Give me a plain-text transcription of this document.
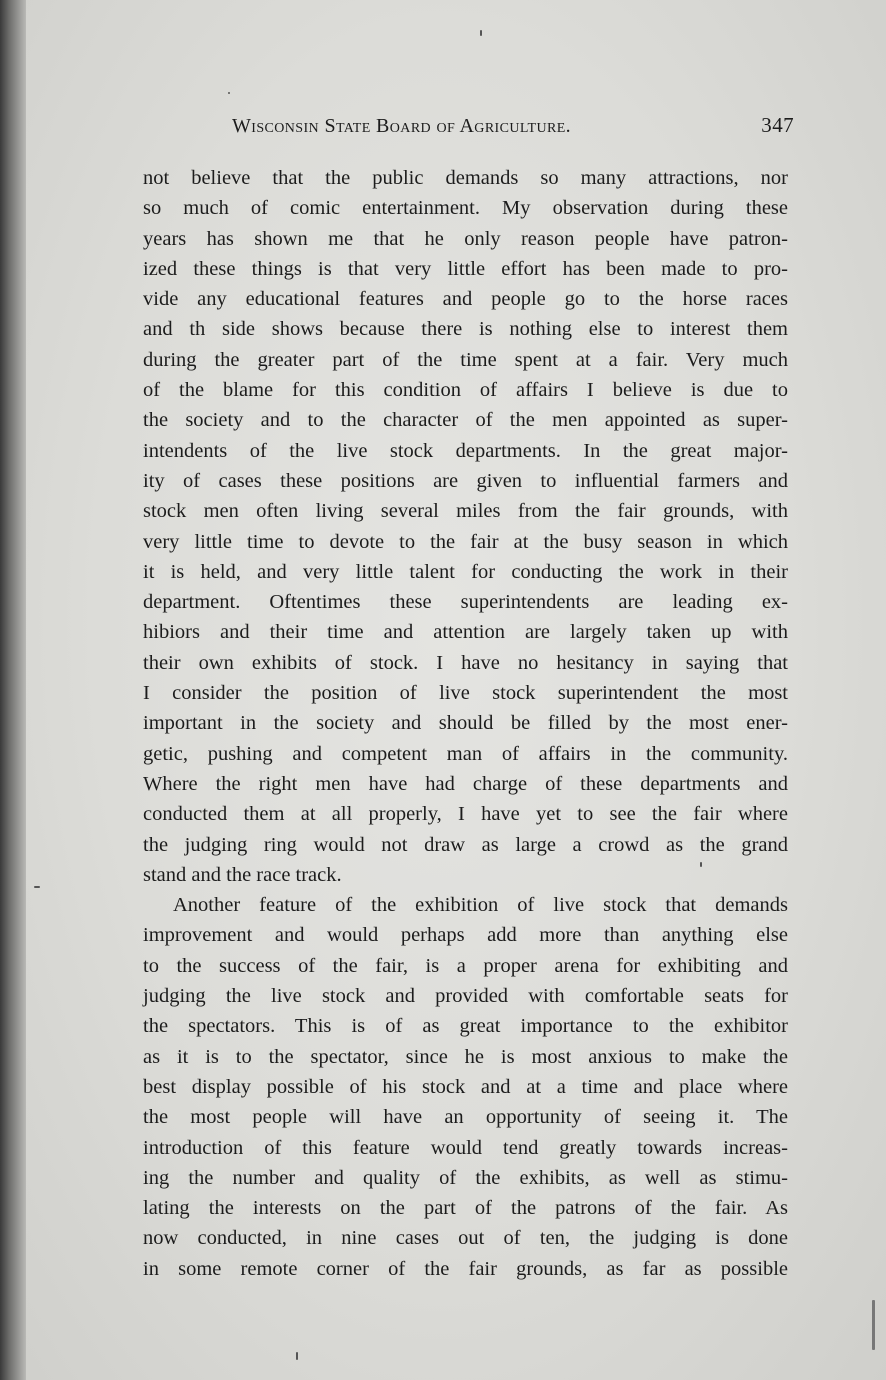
Wisconsin State Board of Agriculture.	347
not believe that the public demands so many attractions, nor
so much of comic entertainment. My observation during these
years has shown me that he only reason people have patron-
ized these things is that very little effort has been made to pro-
vide any educational features and people go to the horse races
and th side shows because there is nothing else to interest them
during the greater part of the time spent at a fair. Very much
of the blame for this condition of affairs I believe is due to
the society and to the character of the men appointed as super-
intendents of the live stock departments. In the great major-
ity of cases these positions are given to influential farmers and
stock men often living several miles from the fair grounds, with
very little time to devote to the fair at the busy season in which
it is held, and very little talent for conducting the work in their
department. Oftentimes these superintendents are leading ex-
hibiors and their time and attention are largely taken up with
their own exhibits of stock. I have no hesitancy in saying that
I consider the position of live stock superintendent the most
important in the society and should be filled by the most ener-
getic, pushing and competent man of affairs in the community.
Where the right men have had charge of these departments and
conducted them at all properly, I have yet to see the fair where
the judging ring would not draw as large a crowd as the grand
stand and the race track.
Another feature of the exhibition of live stock that demands
improvement and would perhaps add more than anything else
to the success of the fair, is a proper arena for exhibiting and
judging the live stock and provided with comfortable seats for
the spectators. This is of as great importance to the exhibitor
as it is to the spectator, since he is most anxious to make the
best display possible of his stock and at a time and place where
the most people will have an opportunity of seeing it. The
introduction of this feature would tend greatly towards increas-
ing the number and quality of the exhibits, as well as stimu-
lating the interests on the part of the patrons of the fair. As
now conducted, in nine cases out of ten, the judging is done
in some remote corner of the fair grounds, as far as possible
